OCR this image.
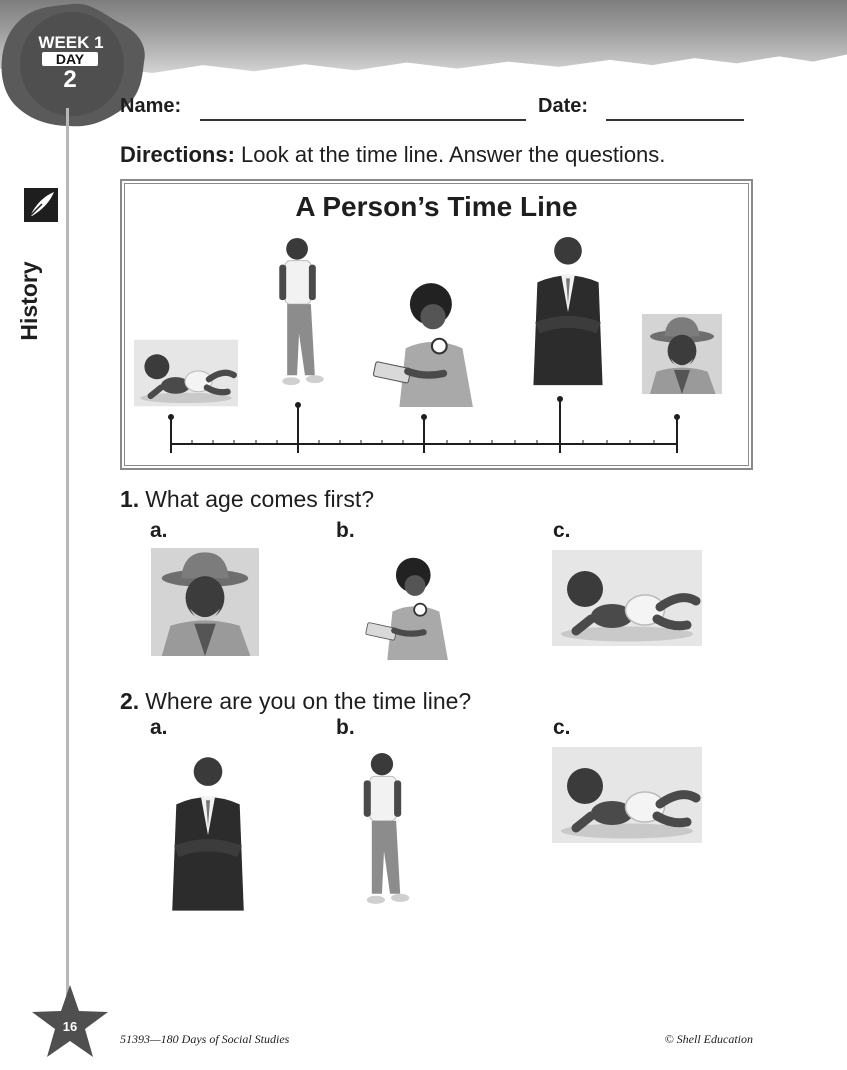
WEEK 1
DAY
2
History
Name:	Date:
Directions: Look at the time line. Answer the questions.
A Person’s Time Line
1. What age comes first?
a.	b.	c.
2. Where are you on the time line?
a.	b.	c.
16
51393—180 Days of Social Studies	© Shell Education
